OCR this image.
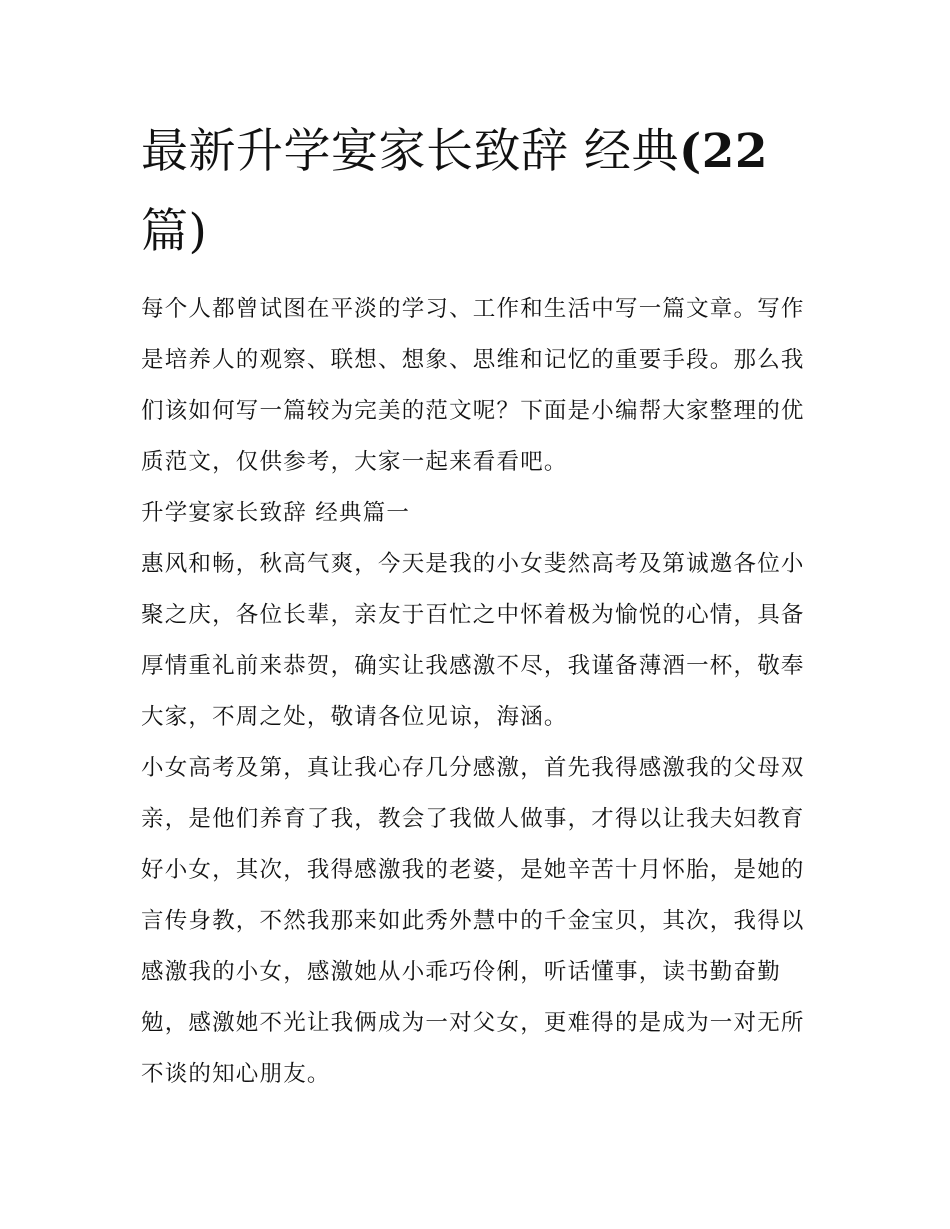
最新升学宴家长致辞 经典(22
篇)

每个人都曾试图在平淡的学习、工作和生活中写一篇文章。写作是培养人的观察、联想、想象、思维和记忆的重要手段。那么我们该如何写一篇较为完美的范文呢？下面是小编帮大家整理的优质范文，仅供参考，大家一起来看看吧。

升学宴家长致辞 经典篇一

惠风和畅，秋高气爽，今天是我的小女斐然高考及第诚邀各位小聚之庆，各位长辈，亲友于百忙之中怀着极为愉悦的心情，具备厚情重礼前来恭贺，确实让我感激不尽，我谨备薄酒一杯，敬奉大家，不周之处，敬请各位见谅，海涵。

小女高考及第，真让我心存几分感激，首先我得感激我的父母双亲，是他们养育了我，教会了我做人做事，才得以让我夫妇教育好小女，其次，我得感激我的老婆，是她辛苦十月怀胎，是她的言传身教，不然我那来如此秀外慧中的千金宝贝，其次，我得以感激我的小女，感激她从小乖巧伶俐，听话懂事，读书勤奋勤勉，感激她不光让我俩成为一对父女，更难得的是成为一对无所不谈的知心朋友。
